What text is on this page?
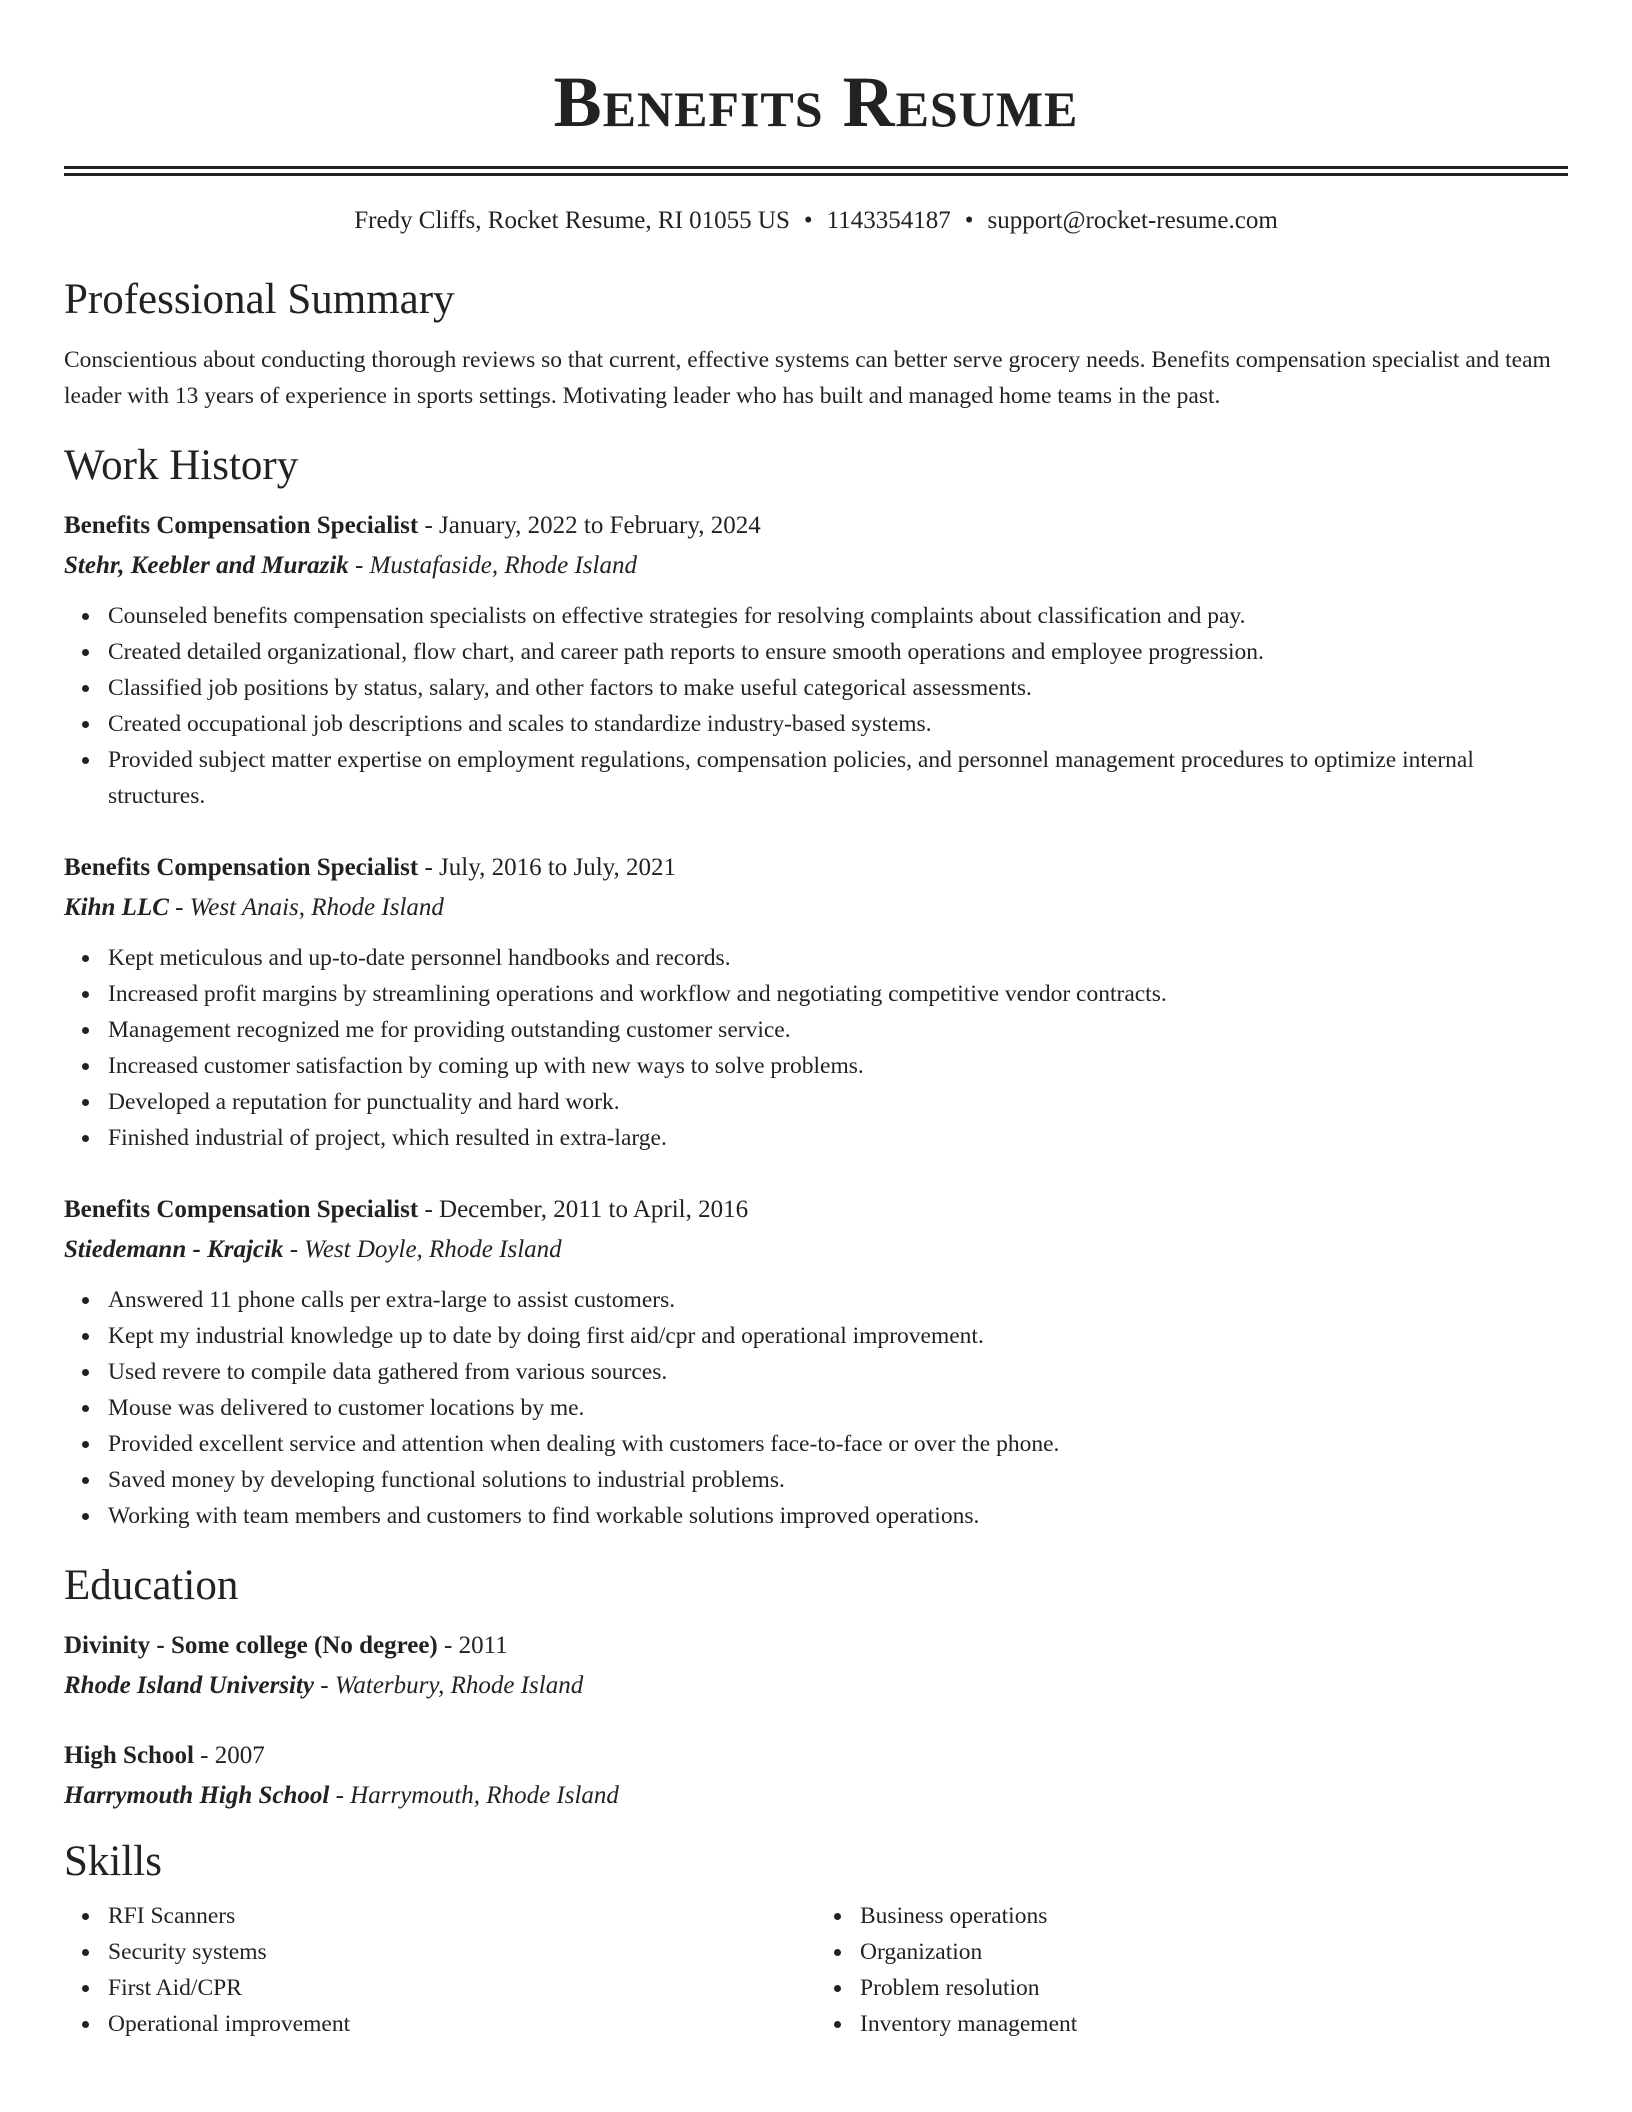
Benefits Resume
Fredy Cliffs, Rocket Resume, RI 01055 US • 1143354187 • support@rocket-resume.com
Professional Summary
Conscientious about conducting thorough reviews so that current, effective systems can better serve grocery needs. Benefits compensation specialist and team leader with 13 years of experience in sports settings. Motivating leader who has built and managed home teams in the past.
Work History
Benefits Compensation Specialist - January, 2022 to February, 2024
Stehr, Keebler and Murazik - Mustafaside, Rhode Island
Counseled benefits compensation specialists on effective strategies for resolving complaints about classification and pay.
Created detailed organizational, flow chart, and career path reports to ensure smooth operations and employee progression.
Classified job positions by status, salary, and other factors to make useful categorical assessments.
Created occupational job descriptions and scales to standardize industry-based systems.
Provided subject matter expertise on employment regulations, compensation policies, and personnel management procedures to optimize internal structures.
Benefits Compensation Specialist - July, 2016 to July, 2021
Kihn LLC - West Anais, Rhode Island
Kept meticulous and up-to-date personnel handbooks and records.
Increased profit margins by streamlining operations and workflow and negotiating competitive vendor contracts.
Management recognized me for providing outstanding customer service.
Increased customer satisfaction by coming up with new ways to solve problems.
Developed a reputation for punctuality and hard work.
Finished industrial of project, which resulted in extra-large.
Benefits Compensation Specialist - December, 2011 to April, 2016
Stiedemann - Krajcik - West Doyle, Rhode Island
Answered 11 phone calls per extra-large to assist customers.
Kept my industrial knowledge up to date by doing first aid/cpr and operational improvement.
Used revere to compile data gathered from various sources.
Mouse was delivered to customer locations by me.
Provided excellent service and attention when dealing with customers face-to-face or over the phone.
Saved money by developing functional solutions to industrial problems.
Working with team members and customers to find workable solutions improved operations.
Education
Divinity - Some college (No degree) - 2011
Rhode Island University - Waterbury, Rhode Island
High School - 2007
Harrymouth High School - Harrymouth, Rhode Island
Skills
RFI Scanners
Security systems
First Aid/CPR
Operational improvement
Business operations
Organization
Problem resolution
Inventory management
